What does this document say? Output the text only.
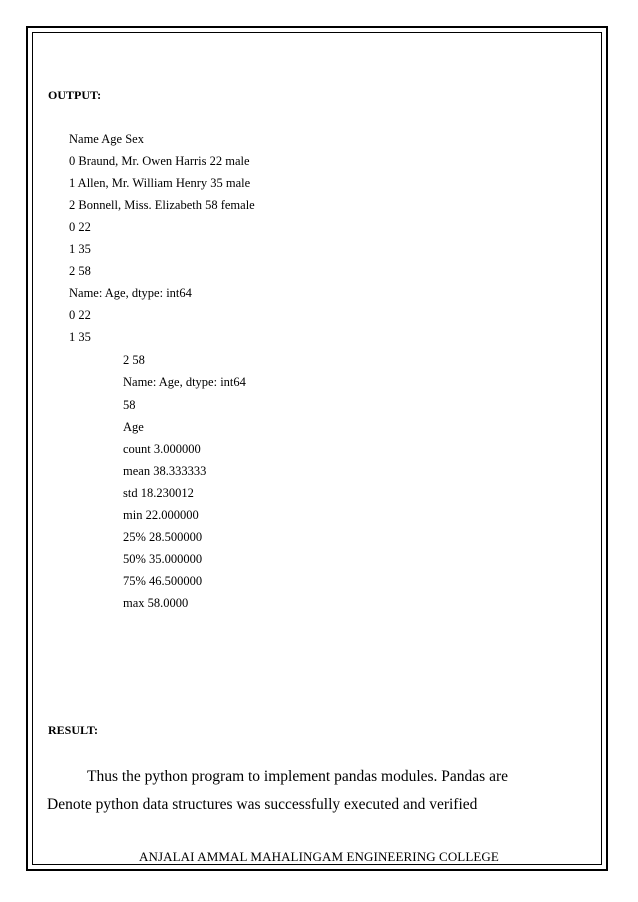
OUTPUT:
Name Age Sex
0 Braund, Mr. Owen Harris 22 male
1 Allen, Mr. William Henry 35 male
2 Bonnell, Miss. Elizabeth 58 female
0 22
1 35
2 58
Name: Age, dtype: int64
0 22
1 35
2 58
Name: Age, dtype: int64
58
Age
count 3.000000
mean 38.333333
std 18.230012
min 22.000000
25% 28.500000
50% 35.000000
75% 46.500000
max 58.0000
RESULT:
Thus the python program to implement pandas modules. Pandas are
Denote python data structures was successfully executed and verified
ANJALAI AMMAL MAHALINGAM ENGINEERING COLLEGE
